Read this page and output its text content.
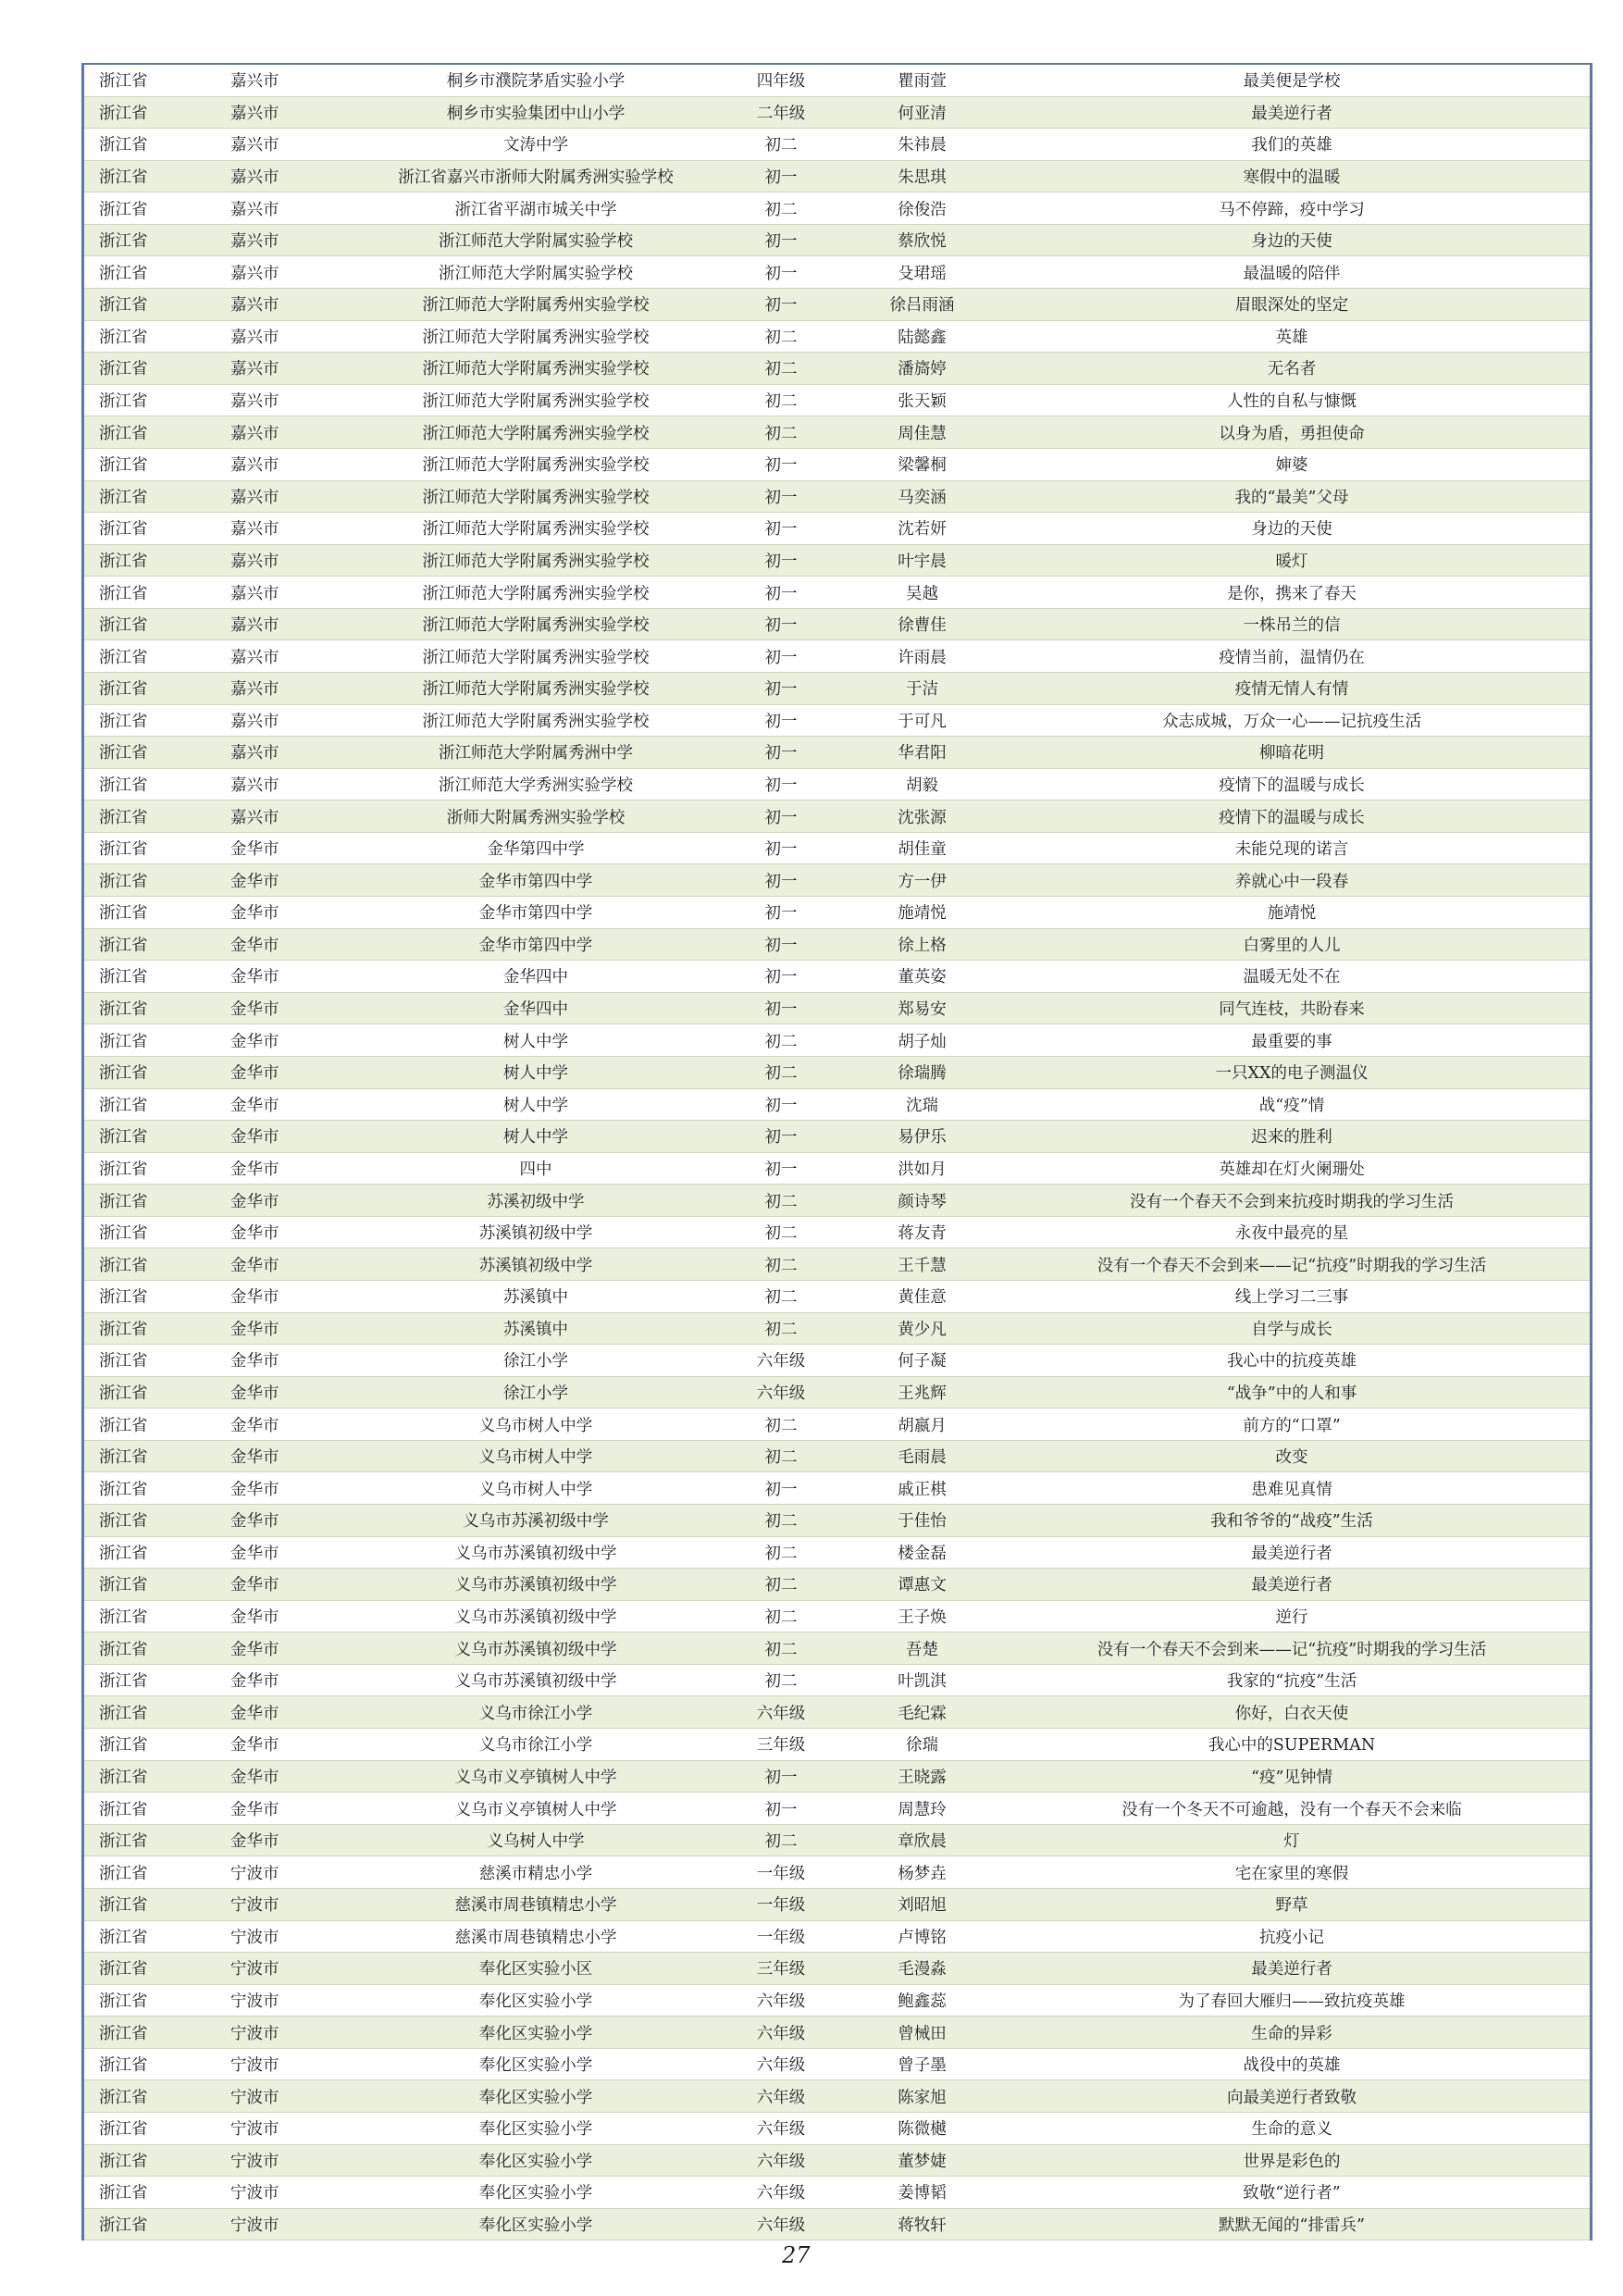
浙江省	嘉兴市	桐乡市濮院茅盾实验小学	四年级	瞿雨萱	最美便是学校
浙江省	嘉兴市	桐乡市实验集团中山小学	二年级	何亚清	最美逆行者
浙江省	嘉兴市	文涛中学	初二	朱祎晨	我们的英雄
浙江省	嘉兴市	浙江省嘉兴市浙师大附属秀洲实验学校	初一	朱思琪	寒假中的温暖
浙江省	嘉兴市	浙江省平湖市城关中学	初二	徐俊浩	马不停蹄，疫中学习
浙江省	嘉兴市	浙江师范大学附属实验学校	初一	蔡欣悦	身边的天使
浙江省	嘉兴市	浙江师范大学附属实验学校	初一	殳珺瑶	最温暖的陪伴
浙江省	嘉兴市	浙江师范大学附属秀州实验学校	初一	徐吕雨涵	眉眼深处的坚定
浙江省	嘉兴市	浙江师范大学附属秀洲实验学校	初二	陆懿鑫	英雄
浙江省	嘉兴市	浙江师范大学附属秀洲实验学校	初二	潘旖婷	无名者
浙江省	嘉兴市	浙江师范大学附属秀洲实验学校	初二	张天颖	人性的自私与慷慨
浙江省	嘉兴市	浙江师范大学附属秀洲实验学校	初二	周佳慧	以身为盾，勇担使命
浙江省	嘉兴市	浙江师范大学附属秀洲实验学校	初一	梁馨桐	婶婆
浙江省	嘉兴市	浙江师范大学附属秀洲实验学校	初一	马奕涵	我的“最美”父母
浙江省	嘉兴市	浙江师范大学附属秀洲实验学校	初一	沈若妍	身边的天使
浙江省	嘉兴市	浙江师范大学附属秀洲实验学校	初一	叶宇晨	暖灯
浙江省	嘉兴市	浙江师范大学附属秀洲实验学校	初一	吴越	是你，携来了春天
浙江省	嘉兴市	浙江师范大学附属秀洲实验学校	初一	徐曹佳	一株吊兰的信
浙江省	嘉兴市	浙江师范大学附属秀洲实验学校	初一	许雨晨	疫情当前，温情仍在
浙江省	嘉兴市	浙江师范大学附属秀洲实验学校	初一	于洁	疫情无情人有情
浙江省	嘉兴市	浙江师范大学附属秀洲实验学校	初一	于可凡	众志成城，万众一心——记抗疫生活
浙江省	嘉兴市	浙江师范大学附属秀洲中学	初一	华君阳	柳暗花明
浙江省	嘉兴市	浙江师范大学秀洲实验学校	初一	胡毅	疫情下的温暖与成长
浙江省	嘉兴市	浙师大附属秀洲实验学校	初一	沈张源	疫情下的温暖与成长
浙江省	金华市	金华第四中学	初一	胡佳童	未能兑现的诺言
浙江省	金华市	金华市第四中学	初一	方一伊	养就心中一段春
浙江省	金华市	金华市第四中学	初一	施靖悦	施靖悦
浙江省	金华市	金华市第四中学	初一	徐上格	白雾里的人儿
浙江省	金华市	金华四中	初一	董英姿	温暖无处不在
浙江省	金华市	金华四中	初一	郑易安	同气连枝，共盼春来
浙江省	金华市	树人中学	初二	胡子灿	最重要的事
浙江省	金华市	树人中学	初二	徐瑞腾	一只XX的电子测温仪
浙江省	金华市	树人中学	初一	沈瑞	战“疫”情
浙江省	金华市	树人中学	初一	易伊乐	迟来的胜利
浙江省	金华市	四中	初一	洪如月	英雄却在灯火阑珊处
浙江省	金华市	苏溪初级中学	初二	颜诗琴	没有一个春天不会到来抗疫时期我的学习生活
浙江省	金华市	苏溪镇初级中学	初二	蒋友青	永夜中最亮的星
浙江省	金华市	苏溪镇初级中学	初二	王千慧	没有一个春天不会到来——记“抗疫”时期我的学习生活
浙江省	金华市	苏溪镇中	初二	黄佳意	线上学习二三事
浙江省	金华市	苏溪镇中	初二	黄少凡	自学与成长
浙江省	金华市	徐江小学	六年级	何子凝	我心中的抗疫英雄
浙江省	金华市	徐江小学	六年级	王兆辉	“战争”中的人和事
浙江省	金华市	义乌市树人中学	初二	胡嬴月	前方的“口罩”
浙江省	金华市	义乌市树人中学	初二	毛雨晨	改变
浙江省	金华市	义乌市树人中学	初一	戚正棋	患难见真情
浙江省	金华市	义乌市苏溪初级中学	初二	于佳怡	我和爷爷的“战疫”生活
浙江省	金华市	义乌市苏溪镇初级中学	初二	楼金磊	最美逆行者
浙江省	金华市	义乌市苏溪镇初级中学	初二	谭惠文	最美逆行者
浙江省	金华市	义乌市苏溪镇初级中学	初二	王子焕	逆行
浙江省	金华市	义乌市苏溪镇初级中学	初二	吾楚	没有一个春天不会到来——记“抗疫”时期我的学习生活
浙江省	金华市	义乌市苏溪镇初级中学	初二	叶凯淇	我家的“抗疫”生活
浙江省	金华市	义乌市徐江小学	六年级	毛纪霖	你好，白衣天使
浙江省	金华市	义乌市徐江小学	三年级	徐瑞	我心中的SUPERMAN
浙江省	金华市	义乌市义亭镇树人中学	初一	王晓露	“疫”见钟情
浙江省	金华市	义乌市义亭镇树人中学	初一	周慧玲	没有一个冬天不可逾越，没有一个春天不会来临
浙江省	金华市	义乌树人中学	初二	章欣晨	灯
浙江省	宁波市	慈溪市精忠小学	一年级	杨梦垚	宅在家里的寒假
浙江省	宁波市	慈溪市周巷镇精忠小学	一年级	刘昭旭	野草
浙江省	宁波市	慈溪市周巷镇精忠小学	一年级	卢博铭	抗疫小记
浙江省	宁波市	奉化区实验小区	三年级	毛漫淼	最美逆行者
浙江省	宁波市	奉化区实验小学	六年级	鲍鑫蕊	为了春回大雁归——致抗疫英雄
浙江省	宁波市	奉化区实验小学	六年级	曾械田	生命的异彩
浙江省	宁波市	奉化区实验小学	六年级	曾子墨	战役中的英雄
浙江省	宁波市	奉化区实验小学	六年级	陈家旭	向最美逆行者致敬
浙江省	宁波市	奉化区实验小学	六年级	陈微樾	生命的意义
浙江省	宁波市	奉化区实验小学	六年级	董梦婕	世界是彩色的
浙江省	宁波市	奉化区实验小学	六年级	姜博韬	致敬“逆行者”
浙江省	宁波市	奉化区实验小学	六年级	蒋牧轩	默默无闻的“排雷兵”
27
